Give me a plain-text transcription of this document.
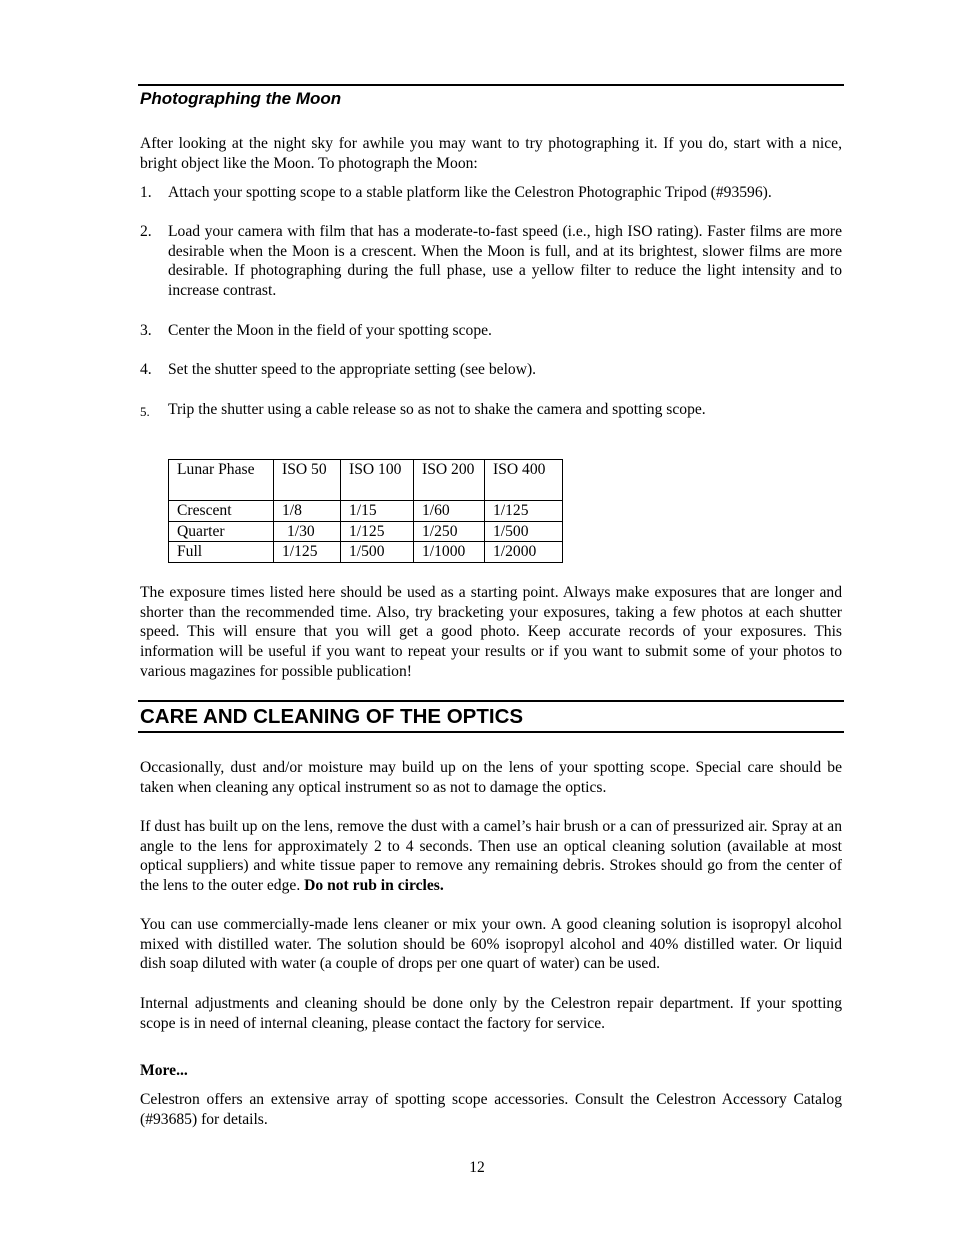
Photographing the Moon
After looking at the night sky for awhile you may want to try photographing it. If you do, start with a nice, bright object like the Moon. To photograph the Moon:
1. Attach your spotting scope to a stable platform like the Celestron Photographic Tripod (#93596).
2. Load your camera with film that has a moderate-to-fast speed (i.e., high ISO rating). Faster films are more desirable when the Moon is a crescent. When the Moon is full, and at its brightest, slower films are more desirable. If photographing during the full phase, use a yellow filter to reduce the light intensity and to increase contrast.
3. Center the Moon in the field of your spotting scope.
4. Set the shutter speed to the appropriate setting (see below).
5. Trip the shutter using a cable release so as not to shake the camera and spotting scope.
Lunar Phase	ISO 50	ISO 100	ISO 200	ISO 400
Crescent	1/8	1/15	1/60	1/125
Quarter	1/30	1/125	1/250	1/500
Full	1/125	1/500	1/1000	1/2000
The exposure times listed here should be used as a starting point. Always make exposures that are longer and shorter than the recommended time. Also, try bracketing your exposures, taking a few photos at each shutter speed. This will ensure that you will get a good photo. Keep accurate records of your exposures. This information will be useful if you want to repeat your results or if you want to submit some of your photos to various magazines for possible publication!
CARE AND CLEANING OF THE OPTICS
Occasionally, dust and/or moisture may build up on the lens of your spotting scope. Special care should be taken when cleaning any optical instrument so as not to damage the optics.
If dust has built up on the lens, remove the dust with a camel’s hair brush or a can of pressurized air. Spray at an angle to the lens for approximately 2 to 4 seconds. Then use an optical cleaning solution (available at most optical suppliers) and white tissue paper to remove any remaining debris. Strokes should go from the center of the lens to the outer edge. Do not rub in circles.
You can use commercially-made lens cleaner or mix your own. A good cleaning solution is isopropyl alcohol mixed with distilled water. The solution should be 60% isopropyl alcohol and 40% distilled water. Or liquid dish soap diluted with water (a couple of drops per one quart of water) can be used.
Internal adjustments and cleaning should be done only by the Celestron repair department. If your spotting scope is in need of internal cleaning, please contact the factory for service.
More...
Celestron offers an extensive array of spotting scope accessories. Consult the Celestron Accessory Catalog (#93685) for details.
12
